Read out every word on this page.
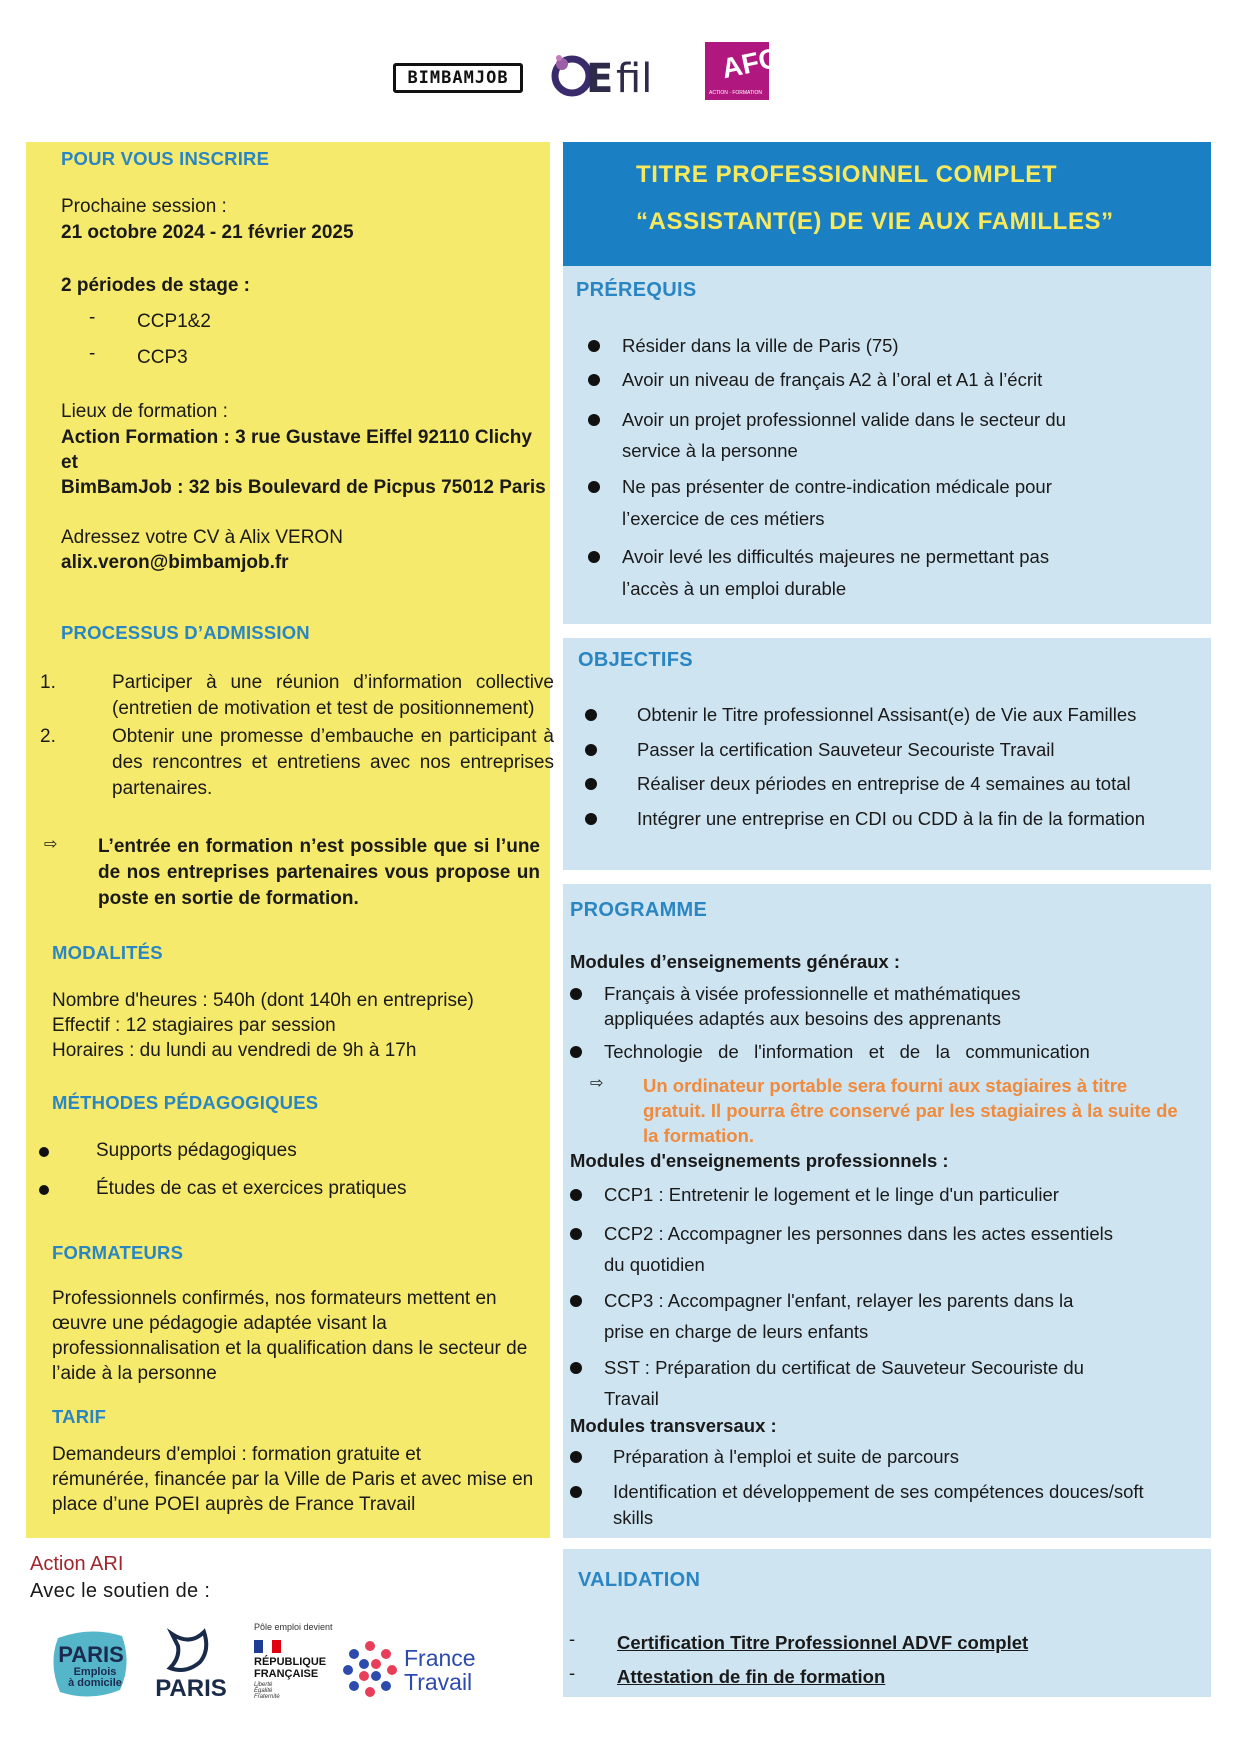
BIMBAMJOB	E fil
CEFIL	AFC
ACTION · FORMATION
POUR VOUS INSCRIRE
Prochaine session :
21 octobre 2024 - 21 février 2025
2 périodes de stage :
- CCP1&2
- CCP3
Lieux de formation :
Action Formation : 3 rue Gustave Eiffel 92110 Clichy
et
BimBamJob : 32 bis Boulevard de Picpus 75012 Paris
Adressez votre CV à Alix VERON
alix.veron@bimbamjob.fr
PROCESSUS D’ADMISSION
1.	Participer à une réunion d’information collective (entretien de motivation et test de positionnement)
2.	Obtenir une promesse d’embauche en participant à des rencontres et entretiens avec nos entreprises partenaires.
⇨ L’entrée en formation n’est possible que si l’une de nos entreprises partenaires vous propose un poste en sortie de formation.
MODALITÉS
Nombre d'heures : 540h (dont 140h en entreprise)
Effectif : 12 stagiaires par session
Horaires : du lundi au vendredi de 9h à 17h
MÉTHODES PÉDAGOGIQUES
Supports pédagogiques
Études de cas et exercices pratiques
FORMATEURS
Professionnels confirmés, nos formateurs mettent en
œuvre une pédagogie adaptée visant la
professionnalisation et la qualification dans le secteur de
l’aide à la personne
TARIF
Demandeurs d'emploi : formation gratuite et
rémunérée, financée par la Ville de Paris et avec mise en
place d’une POEI auprès de France Travail
TITRE PROFESSIONNEL COMPLET
“ASSISTANT(E) DE VIE AUX FAMILLES”
PRÉREQUIS
Résider dans la ville de Paris (75)
Avoir un niveau de français A2 à l’oral et A1 à l’écrit
Avoir un projet professionnel valide dans le secteur du
service à la personne
Ne pas présenter de contre-indication médicale pour
l’exercice de ces métiers
Avoir levé les difficultés majeures ne permettant pas
l’accès à un emploi durable
OBJECTIFS
Obtenir le Titre professionnel Assisant(e) de Vie aux Familles
Passer la certification Sauveteur Secouriste Travail
Réaliser deux périodes en entreprise de 4 semaines au total
Intégrer une entreprise en CDI ou CDD à la fin de la formation
PROGRAMME
Modules d’enseignements généraux :
Français à visée professionnelle et mathématiques
appliquées adaptés aux besoins des apprenants
Technologie   de   l'information   et   de   la   communication
⇨ Un ordinateur portable sera fourni aux stagiaires à titre
gratuit. Il pourra être conservé par les stagiaires à la suite de
la formation.
Modules d'enseignements professionnels :
CCP1 : Entretenir le logement et le linge d'un particulier
CCP2 : Accompagner les personnes dans les actes essentiels
du quotidien
CCP3 : Accompagner l'enfant, relayer les parents dans la
prise en charge de leurs enfants
SST : Préparation du certificat de Sauveteur Secouriste du
Travail
Modules transversaux :
Préparation à l'emploi et suite de parcours
Identification et développement de ses compétences douces/soft
skills
VALIDATION
- Certification Titre Professionnel ADVF complet
- Attestation de fin de formation
Action ARI
Avec le soutien de :
PARIS
Emplois
à domicile PARIS
Pôle emploi devient
RÉPUBLIQUE
FRANÇAISE
Liberté
Égalité
Fraternité
France
Travail
